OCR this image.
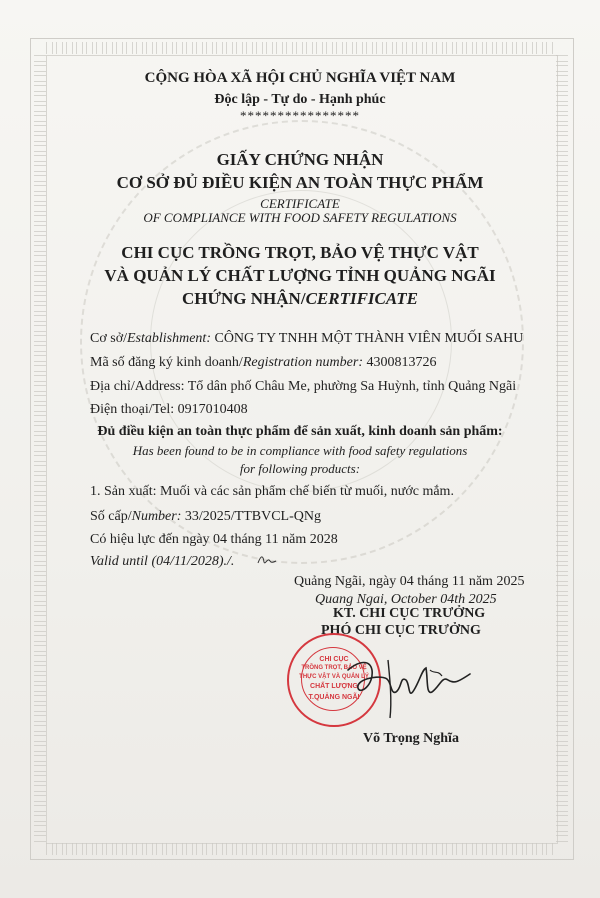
CỘNG HÒA XÃ HỘI CHỦ NGHĨA VIỆT NAM
Độc lập - Tự do - Hạnh phúc
****************
GIẤY CHỨNG NHẬN
CƠ SỞ ĐỦ ĐIỀU KIỆN AN TOÀN THỰC PHẨM
CERTIFICATE
OF COMPLIANCE WITH FOOD SAFETY REGULATIONS
CHI CỤC TRỒNG TRỌT, BẢO VỆ THỰC VẬT
VÀ QUẢN LÝ CHẤT LƯỢNG TỈNH QUẢNG NGÃI
CHỨNG NHẬN/CERTIFICATE
Cơ sở/Establishment: CÔNG TY TNHH MỘT THÀNH VIÊN MUỐI SAHU
Mã số đăng ký kinh doanh/Registration number: 4300813726
Địa chỉ/Address: Tổ dân phố Châu Me, phường Sa Huỳnh, tỉnh Quảng Ngãi
Điện thoại/Tel: 0917010408
Đủ điều kiện an toàn thực phẩm để sản xuất, kinh doanh sản phẩm:
Has been found to be in compliance with food safety regulations
for following products:
1. Sản xuất: Muối và các sản phẩm chế biến từ muối, nước mắm.
Số cấp/Number: 33/2025/TTBVCL-QNg
Có hiệu lực đến ngày 04 tháng 11 năm 2028
Valid until (04/11/2028)./.
Quảng Ngãi, ngày 04 tháng 11 năm 2025
Quang Ngai, October 04th 2025
KT. CHI CỤC TRƯỞNG
PHÓ CHI CỤC TRƯỞNG
CHI CỤC
TRỒNG TRỌT, BẢO VỆ
THỰC VẬT VÀ QUẢN LÝ
CHẤT LƯỢNG
T.QUẢNG NGÃI
Võ Trọng Nghĩa
